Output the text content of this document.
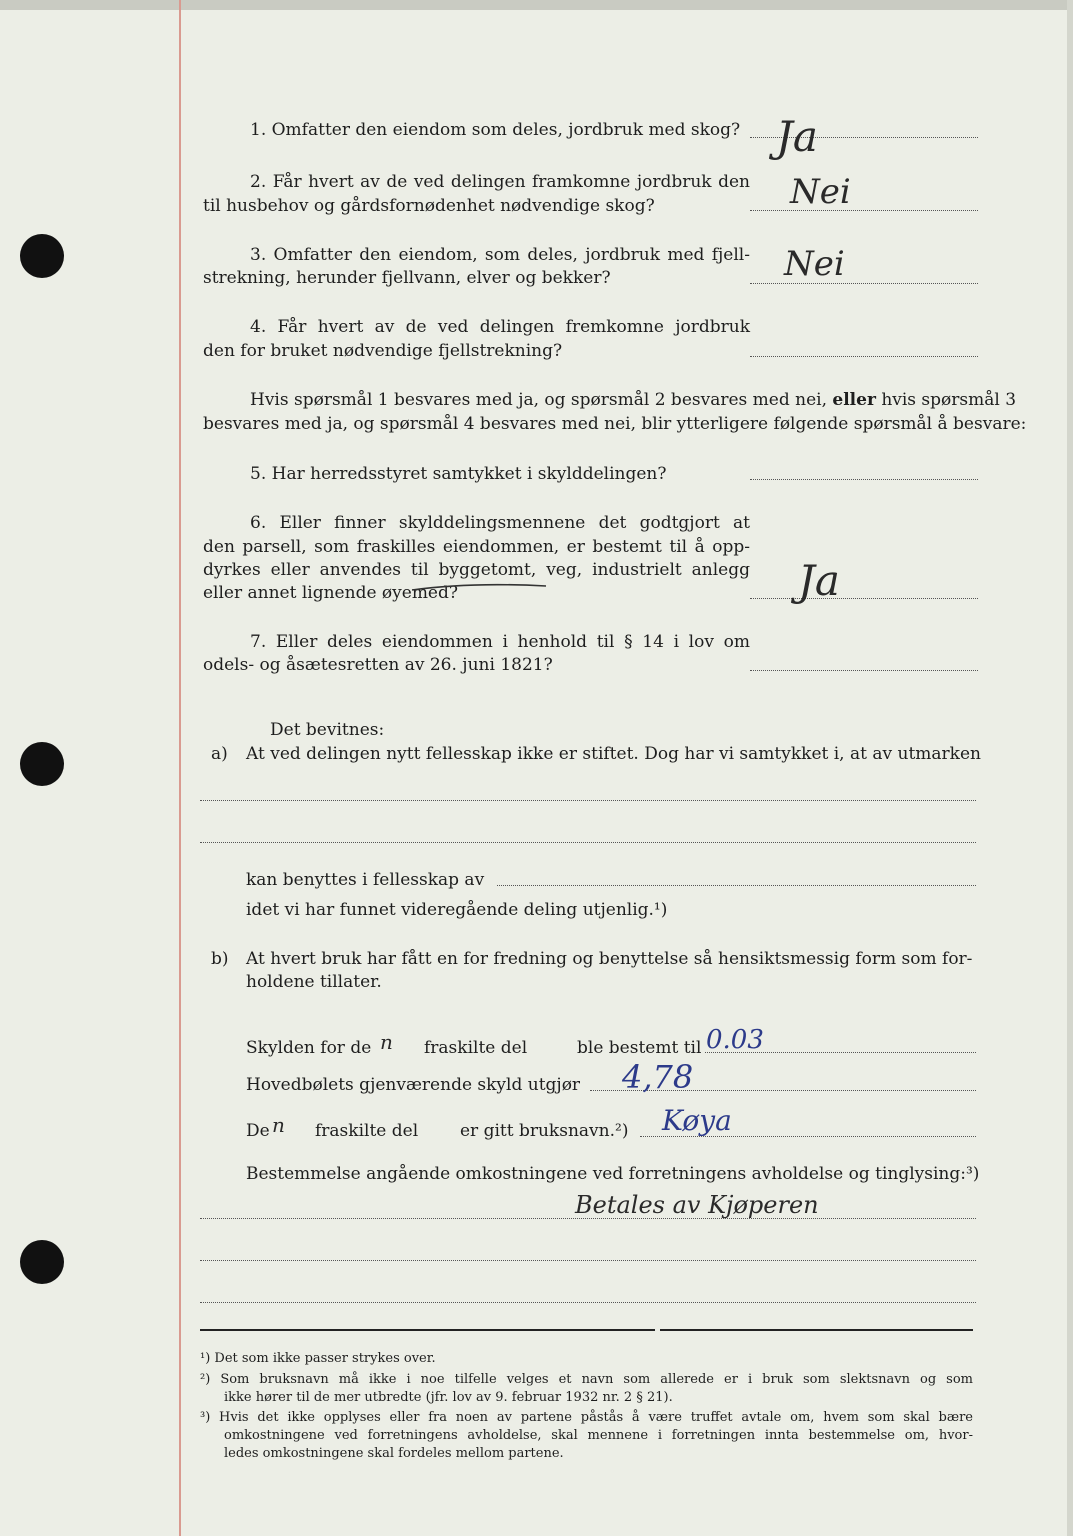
1. Omfatter den eiendom som deles, jordbruk med skog? Ja
2. Får hvert av de ved delingen framkomne jordbruk den
til husbehov og gårdsfornødenhet nødvendige skog?	Nei
3. Omfatter den eiendom, som deles, jordbruk med fjell-
strekning, herunder fjellvann, elver og bekker?	Nei
4. Får hvert av de ved delingen fremkomne jordbruk
den for bruket nødvendige fjellstrekning?
Hvis spørsmål 1 besvares med ja, og spørsmål 2 besvares med nei, eller hvis spørsmål 3
besvares med ja, og spørsmål 4 besvares med nei, blir ytterligere følgende spørsmål å besvare:
5. Har herredsstyret samtykket i skylddelingen?
6. Eller finner skylddelingsmennene det godtgjort at
den parsell, som fraskilles eiendommen, er bestemt til å opp-
dyrkes eller anvendes til byggetomt, veg, industrielt anlegg
eller annet lignende øyemed?	Ja
7. Eller deles eiendommen i henhold til § 14 i lov om
odels- og åsætesretten av 26. juni 1821?
Det bevitnes:
a) At ved delingen nytt fellesskap ikke er stiftet. Dog har vi samtykket i, at av utmarken
kan benyttes i fellesskap av
idet vi har funnet videregående deling utjenlig.¹)
b) At hvert bruk har fått en for fredning og benyttelse så hensiktsmessig form som for-
holdene tillater.
Skylden for de n fraskilte del	ble bestemt til 0.03
Hovedbølets gjenværende skyld utgjør 4,78
De n fraskilte del er gitt bruksnavn.²) Køya
Bestemmelse angående omkostningene ved forretningens avholdelse og tinglysing:³)
Betales av Kjøperen
¹) Det som ikke passer strykes over.
²) Som bruksnavn må ikke i noe tilfelle velges et navn som allerede er i bruk som slektsnavn og som
ikke hører til de mer utbredte (jfr. lov av 9. februar 1932 nr. 2 § 21).
³) Hvis det ikke opplyses eller fra noen av partene påstås å være truffet avtale om, hvem som skal bære
omkostningene ved forretningens avholdelse, skal mennene i forretningen innta bestemmelse om, hvor-
ledes omkostningene skal fordeles mellom partene.
